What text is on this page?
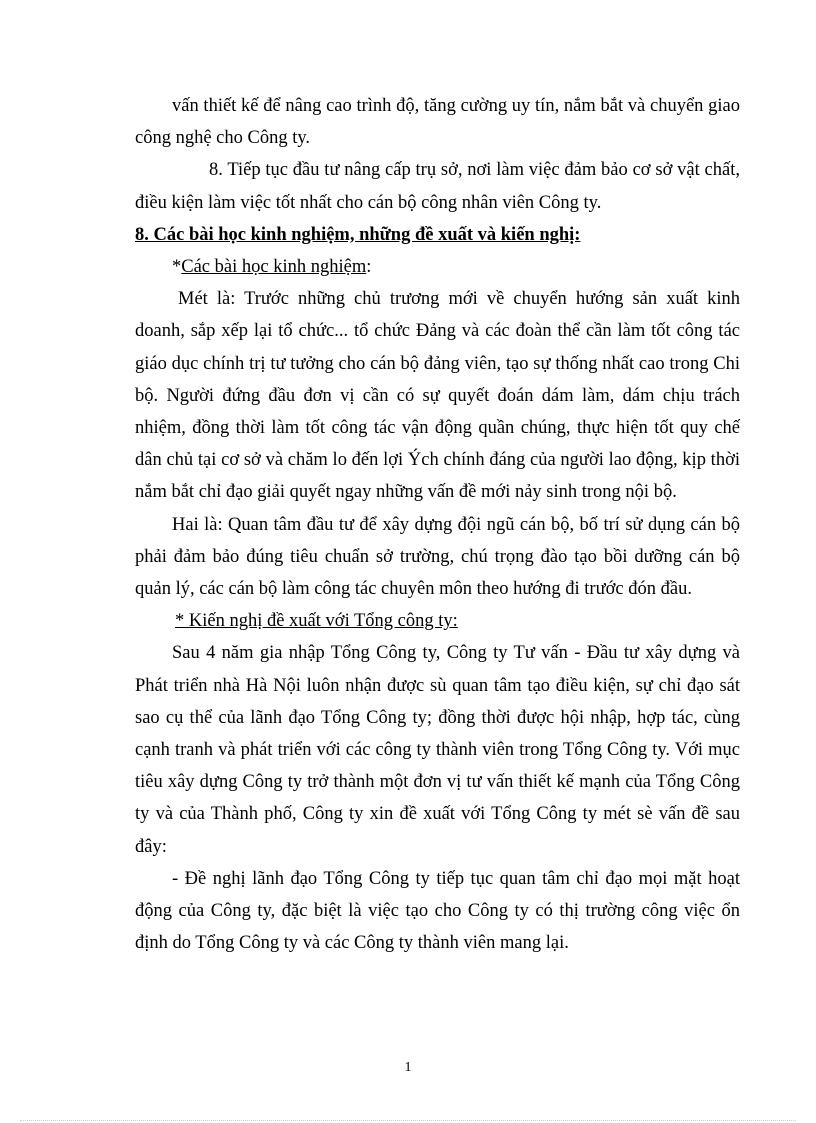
vấn thiết kế để nâng cao trình độ, tăng cường uy tín, nắm bắt và chuyển giao công nghệ cho Công ty.

8. Tiếp tục đầu tư nâng cấp trụ sở, nơi làm việc đảm bảo cơ sở vật chất, điều kiện làm việc tốt nhất cho cán bộ công nhân viên Công ty.

8. Các bài học kinh nghiệm, những đề xuất và kiến nghị:

*Các bài học kinh nghiệm:

Mét là: Trước những chủ trương mới về chuyển hướng sản xuất kinh doanh, sắp xếp lại tổ chức... tổ chức Đảng và các đoàn thể cần làm tốt công tác giáo dục chính trị tư tưởng cho cán bộ đảng viên, tạo sự thống nhất cao trong Chi bộ. Người đứng đầu đơn vị cần có sự quyết đoán dám làm, dám chịu trách nhiệm, đồng thời làm tốt công tác vận động quần chúng, thực hiện tốt quy chế dân chủ tại cơ sở và chăm lo đến lợi Ých chính đáng của người lao động, kịp thời nắm bắt chỉ đạo giải quyết ngay những vấn đề mới nảy sinh trong nội bộ.

Hai là: Quan tâm đầu tư để xây dựng đội ngũ cán bộ, bố trí sử dụng cán bộ phải đảm bảo đúng tiêu chuẩn sở trường, chú trọng đào tạo bồi dưỡng cán bộ quản lý, các cán bộ làm công tác chuyên môn theo hướng đi trước đón đầu.

* Kiến nghị đề xuất với Tổng công ty:

Sau 4 năm gia nhập Tổng Công ty, Công ty Tư vấn - Đầu tư xây dựng và Phát triển nhà Hà Nội luôn nhận được sù quan tâm tạo điều kiện, sự chỉ đạo sát sao cụ thể của lãnh đạo Tổng Công ty; đồng thời được hội nhập, hợp tác, cùng cạnh tranh và phát triển với các công ty thành viên trong Tổng Công ty. Với mục tiêu xây dựng Công ty trở thành một đơn vị tư vấn thiết kế mạnh của Tổng Công ty và của Thành phố, Công ty xin đề xuất với Tổng Công ty mét sè vấn đề sau đây:

- Đề nghị lãnh đạo Tổng Công ty tiếp tục quan tâm chỉ đạo mọi mặt hoạt động của Công ty, đặc biệt là việc tạo cho Công ty có thị trường công việc ổn định do Tổng Công ty và các Công ty thành viên mang lại.

1
